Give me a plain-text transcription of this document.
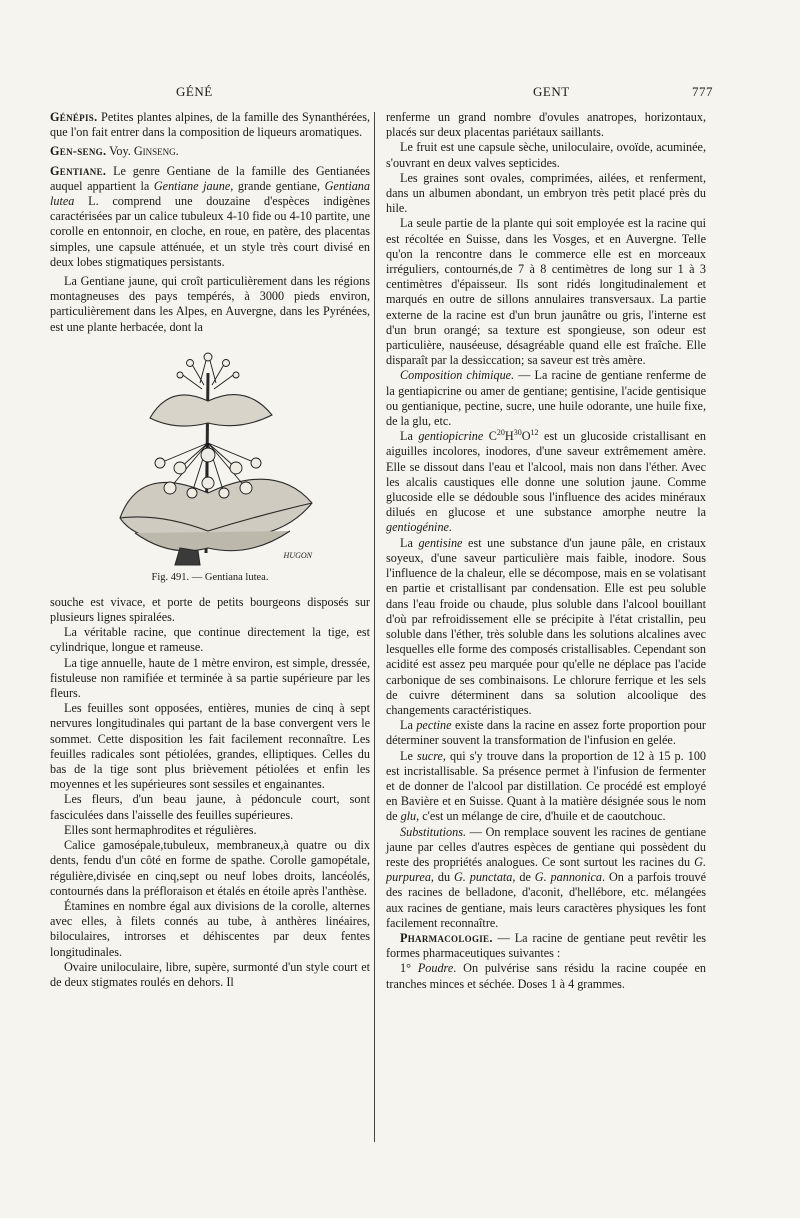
GÉNÉ	GENT	777

Génépis. Petites plantes alpines, de la famille des Synanthérées, que l'on fait entrer dans la composition de liqueurs aromatiques.

Gen-seng. Voy. Ginseng.

Gentiane. Le genre Gentiane de la famille des Gentianées auquel appartient la Gentiane jaune, grande gentiane, Gentiana lutea L. comprend une douzaine d'espèces indigènes caractérisées par un calice tubuleux 4-10 fide ou 4-10 partite, une corolle en entonnoir, en cloche, en roue, en patère, des placentas simples, une capsule atténuée, et un style très court divisé en deux lobes stigmatiques persistants.

La Gentiane jaune, qui croît particulièrement dans les régions montagneuses des pays tempérés, à 3000 pieds environ, particulièrement dans les Alpes, en Auvergne, dans les Pyrénées, est une plante herbacée, dont la

HUGON
Fig. 491. — Gentiana lutea.

souche est vivace, et porte de petits bourgeons disposés sur plusieurs lignes spiralées.

La véritable racine, que continue directement la tige, est cylindrique, longue et rameuse.

La tige annuelle, haute de 1 mètre environ, est simple, dressée, fistuleuse non ramifiée et terminée à sa partie supérieure par les fleurs.

Les feuilles sont opposées, entières, munies de cinq à sept nervures longitudinales qui partant de la base convergent vers le sommet. Cette disposition les fait facilement reconnaître. Les feuilles radicales sont pétiolées, grandes, elliptiques. Celles du bas de la tige sont plus brièvement pétiolées et enfin les moyennes et les supérieures sont sessiles et engainantes.

Les fleurs, d'un beau jaune, à pédoncule court, sont fasciculées dans l'aisselle des feuilles supérieures.

Elles sont hermaphrodites et régulières.

Calice gamosépale,tubuleux, membraneux,à quatre ou dix dents, fendu d'un côté en forme de spathe. Corolle gamopétale, régulière,divisée en cinq,sept ou neuf lobes droits, lancéolés, contournés dans la préfloraison et étalés en étoile après l'anthèse.

Étamines en nombre égal aux divisions de la corolle, alternes avec elles, à filets connés au tube, à anthères linéaires, biloculaires, introrses et déhiscentes par deux fentes longitudinales.

Ovaire uniloculaire, libre, supère, surmonté d'un style court et de deux stigmates roulés en dehors. Il

renferme un grand nombre d'ovules anatropes, horizontaux, placés sur deux placentas pariétaux saillants.

Le fruit est une capsule sèche, uniloculaire, ovoïde, acuminée, s'ouvrant en deux valves septicides.

Les graines sont ovales, comprimées, ailées, et renferment, dans un albumen abondant, un embryon très petit placé près du hile.

La seule partie de la plante qui soit employée est la racine qui est récoltée en Suisse, dans les Vosges, et en Auvergne. Telle qu'on la rencontre dans le commerce elle est en morceaux irréguliers, contournés,de 7 à 8 centimètres de long sur 1 à 3 centimètres d'épaisseur. Ils sont ridés longitudinalement et marqués en outre de sillons annulaires transversaux. La partie externe de la racine est d'un brun jaunâtre ou gris, l'interne est d'un brun orangé; sa texture est spongieuse, son odeur est particulière, nauséeuse, désagréable quand elle est fraîche. Elle disparaît par la dessiccation; sa saveur est très amère.

Composition chimique. — La racine de gentiane renferme de la gentiapicrine ou amer de gentiane; gentisine, l'acide gentisique ou gentianique, pectine, sucre, une huile odorante, une huile fixe, de la glu, etc.

La gentiopicrine $C^{20}H^{30}O^{12}$ est un glucoside cristallisant en aiguilles incolores, inodores, d'une saveur extrêmement amère. Elle se dissout dans l'eau et l'alcool, mais non dans l'éther. Avec les alcalis caustiques elle donne une solution jaune. Comme glucoside elle se dédouble sous l'influence des acides minéraux dilués en glucose et une substance amorphe neutre la gentiogénine.

La gentisine est une substance d'un jaune pâle, en cristaux soyeux, d'une saveur particulière mais faible, inodore. Sous l'influence de la chaleur, elle se décompose, mais en se volatisant en partie et cristallisant par condensation. Elle est peu soluble dans l'eau froide ou chaude, plus soluble dans l'alcool bouillant d'où par refroidissement elle se précipite à l'état cristallin, peu soluble dans l'éther, très soluble dans les solutions alcalines avec lesquelles elle forme des composés cristallisables. Cependant son acidité est assez peu marquée pour qu'elle ne déplace pas l'acide carbonique de ses combinaisons. Le chlorure ferrique et les sels de cuivre déterminent dans sa solution alcoolique des changements caractéristiques.

La pectine existe dans la racine en assez forte proportion pour déterminer souvent la transformation de l'infusion en gelée.

Le sucre, qui s'y trouve dans la proportion de 12 à 15 p. 100 est incristallisable. Sa présence permet à l'infusion de fermenter et de donner de l'alcool par distillation. Ce procédé est employé en Bavière et en Suisse. Quant à la matière désignée sous le nom de glu, c'est un mélange de cire, d'huile et de caoutchouc.

Substitutions. — On remplace souvent les racines de gentiane jaune par celles d'autres espèces de gentiane qui possèdent du reste des propriétés analogues. Ce sont surtout les racines du G. purpurea, du G. punctata, de G. pannonica. On a parfois trouvé des racines de belladone, d'aconit, d'hellébore, etc. mélangées aux racines de gentiane, mais leurs caractères physiques les font facilement reconnaître.

Pharmacologie. — La racine de gentiane peut revêtir les formes pharmaceutiques suivantes :

1° Poudre. On pulvérise sans résidu la racine coupée en tranches minces et séchée. Doses 1 à 4 grammes.
